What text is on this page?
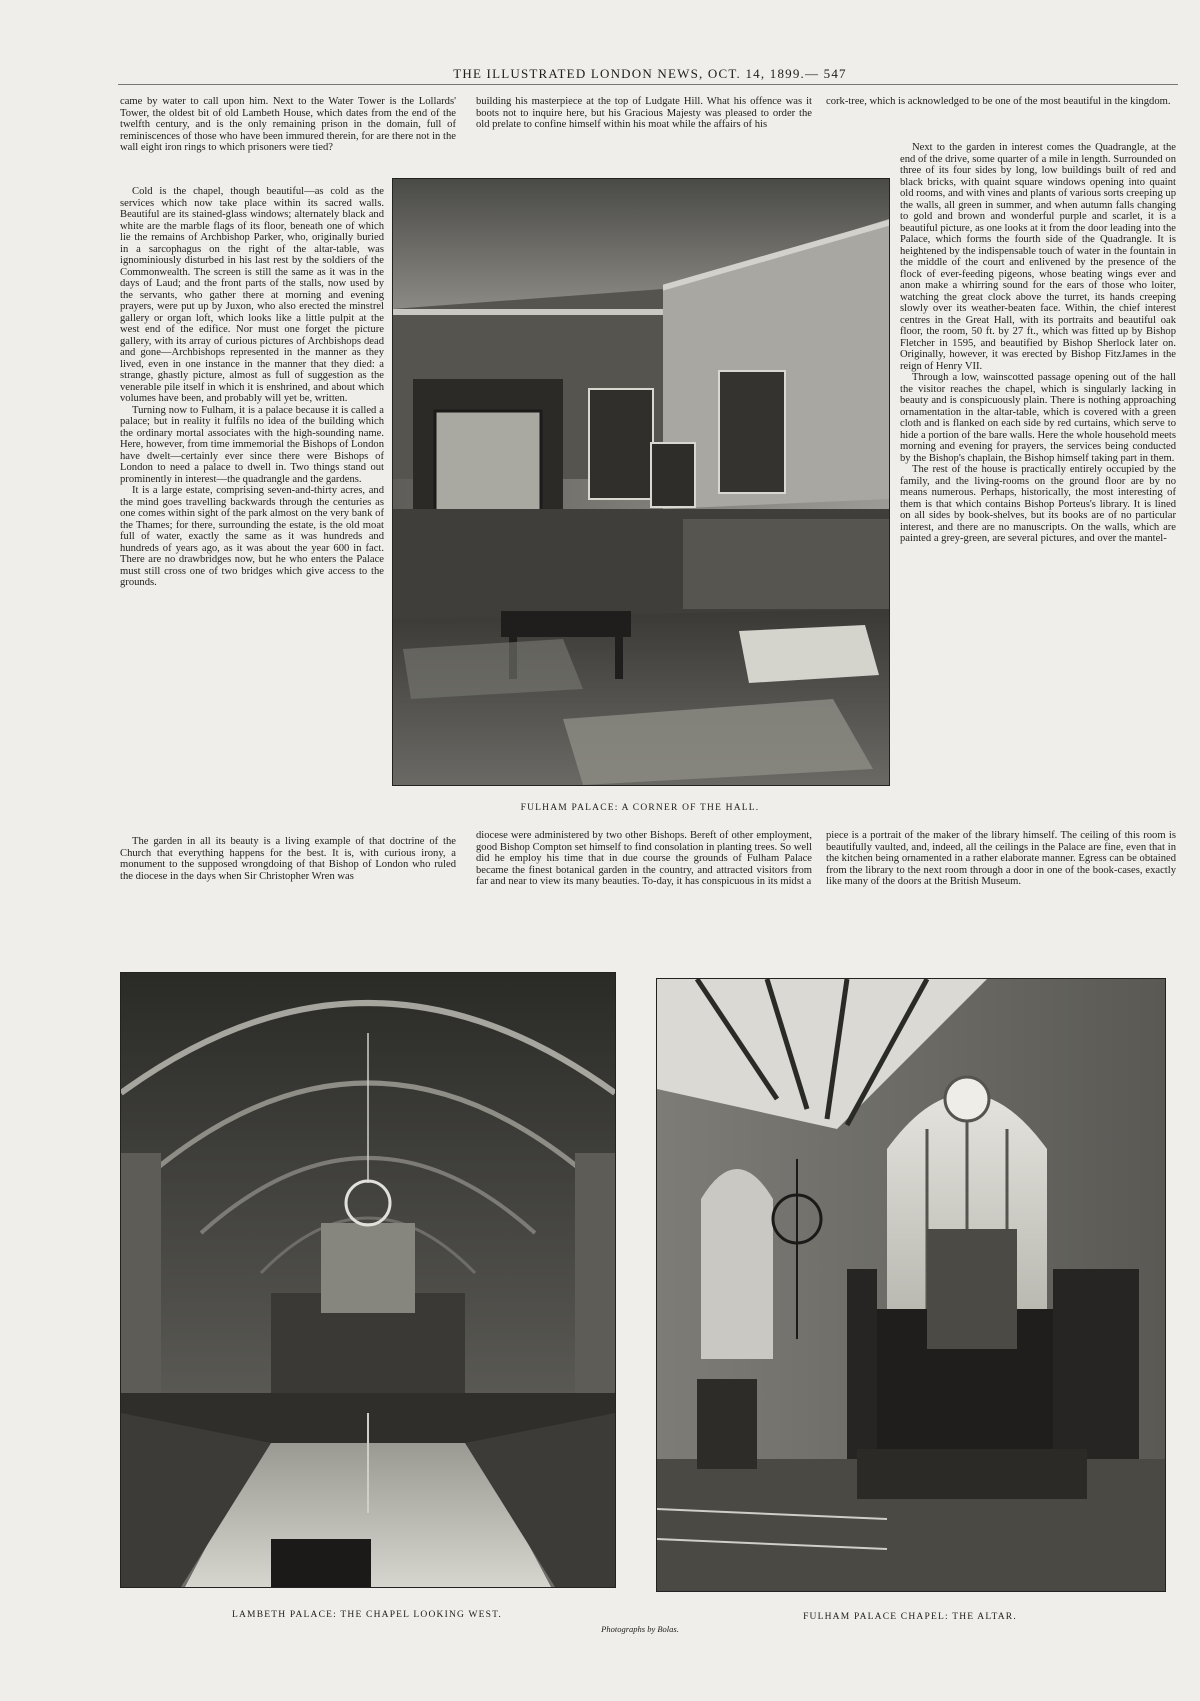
THE ILLUSTRATED LONDON NEWS, OCT. 14, 1899.— 547

came by water to call upon him. Next to the Water Tower is the Lollards' Tower, the oldest bit of old Lambeth House, which dates from the end of the twelfth century, and is the only remaining prison in the domain, full of reminiscences of those who have been immured therein, for are there not in the wall eight iron rings to which prisoners were tied?

Cold is the chapel, though beautiful—as cold as the services which now take place within its sacred walls. Beautiful are its stained-glass windows; alternately black and white are the marble flags of its floor, beneath one of which lie the remains of Archbishop Parker, who, originally buried in a sarcophagus on the right of the altar-table, was ignominiously disturbed in his last rest by the soldiers of the Commonwealth. The screen is still the same as it was in the days of Laud; and the front parts of the stalls, now used by the servants, who gather there at morning and evening prayers, were put up by Juxon, who also erected the minstrel gallery or organ loft, which looks like a little pulpit at the west end of the edifice. Nor must one forget the picture gallery, with its array of curious pictures of Archbishops dead and gone—Archbishops represented in the manner as they lived, even in one instance in the manner that they died: a strange, ghastly picture, almost as full of suggestion as the venerable pile itself in which it is enshrined, and about which volumes have been, and probably will yet be, written.

Turning now to Fulham, it is a palace because it is called a palace; but in reality it fulfils no idea of the building which the ordinary mortal associates with the high-sounding name. Here, however, from time immemorial the Bishops of London have dwelt—certainly ever since there were Bishops of London to need a palace to dwell in. Two things stand out prominently in interest—the quadrangle and the gardens.

It is a large estate, comprising seven-and-thirty acres, and the mind goes travelling backwards through the centuries as one comes within sight of the park almost on the very bank of the Thames; for there, surrounding the estate, is the old moat full of water, exactly the same as it was hundreds and hundreds of years ago, as it was about the year 600 in fact. There are no drawbridges now, but he who enters the Palace must still cross one of two bridges which give access to the grounds.

The garden in all its beauty is a living example of that doctrine of the Church that everything happens for the best. It is, with curious irony, a monument to the supposed wrongdoing of that Bishop of London who ruled the diocese in the days when Sir Christopher Wren was

building his masterpiece at the top of Ludgate Hill. What his offence was it boots not to inquire here, but his Gracious Majesty was pleased to order the old prelate to confine himself within his moat while the affairs of his

FULHAM PALACE: A CORNER OF THE HALL.

cork-tree, which is acknowledged to be one of the most beautiful in the kingdom.

Next to the garden in interest comes the Quadrangle, at the end of the drive, some quarter of a mile in length. Surrounded on three of its four sides by long, low buildings built of red and black bricks, with quaint square windows opening into quaint old rooms, and with vines and plants of various sorts creeping up the walls, all green in summer, and when autumn falls changing to gold and brown and wonderful purple and scarlet, it is a beautiful picture, as one looks at it from the door leading into the Palace, which forms the fourth side of the Quadrangle. It is heightened by the indispensable touch of water in the fountain in the middle of the court and enlivened by the presence of the flock of ever-feeding pigeons, whose beating wings ever and anon make a whirring sound for the ears of those who loiter, watching the great clock above the turret, its hands creeping slowly over its weather-beaten face. Within, the chief interest centres in the Great Hall, with its portraits and beautiful oak floor, the room, 50 ft. by 27 ft., which was fitted up by Bishop Fletcher in 1595, and beautified by Bishop Sherlock later on. Originally, however, it was erected by Bishop FitzJames in the reign of Henry VII.

Through a low, wainscotted passage opening out of the hall the visitor reaches the chapel, which is singularly lacking in beauty and is conspicuously plain. There is nothing approaching ornamentation in the altar-table, which is covered with a green cloth and is flanked on each side by red curtains, which serve to hide a portion of the bare walls. Here the whole household meets morning and evening for prayers, the services being conducted by the Bishop's chaplain, the Bishop himself taking part in them.

The rest of the house is practically entirely occupied by the family, and the living-rooms on the ground floor are by no means numerous. Perhaps, historically, the most interesting of them is that which contains Bishop Porteus's library. It is lined on all sides by book-shelves, but its books are of no particular interest, and there are no manuscripts. On the walls, which are painted a grey-green, are several pictures, and over the mantel-

diocese were administered by two other Bishops. Bereft of other employment, good Bishop Compton set himself to find consolation in planting trees. So well did he employ his time that in due course the grounds of Fulham Palace became the finest botanical garden in the country, and attracted visitors from far and near to view its many beauties. To-day, it has conspicuous in its midst a

piece is a portrait of the maker of the library himself. The ceiling of this room is beautifully vaulted, and, indeed, all the ceilings in the Palace are fine, even that in the kitchen being ornamented in a rather elaborate manner. Egress can be obtained from the library to the next room through a door in one of the book-cases, exactly like many of the doors at the British Museum.

LAMBETH PALACE: THE CHAPEL LOOKING WEST.	FULHAM PALACE CHAPEL: THE ALTAR.
Photographs by Bolas.
